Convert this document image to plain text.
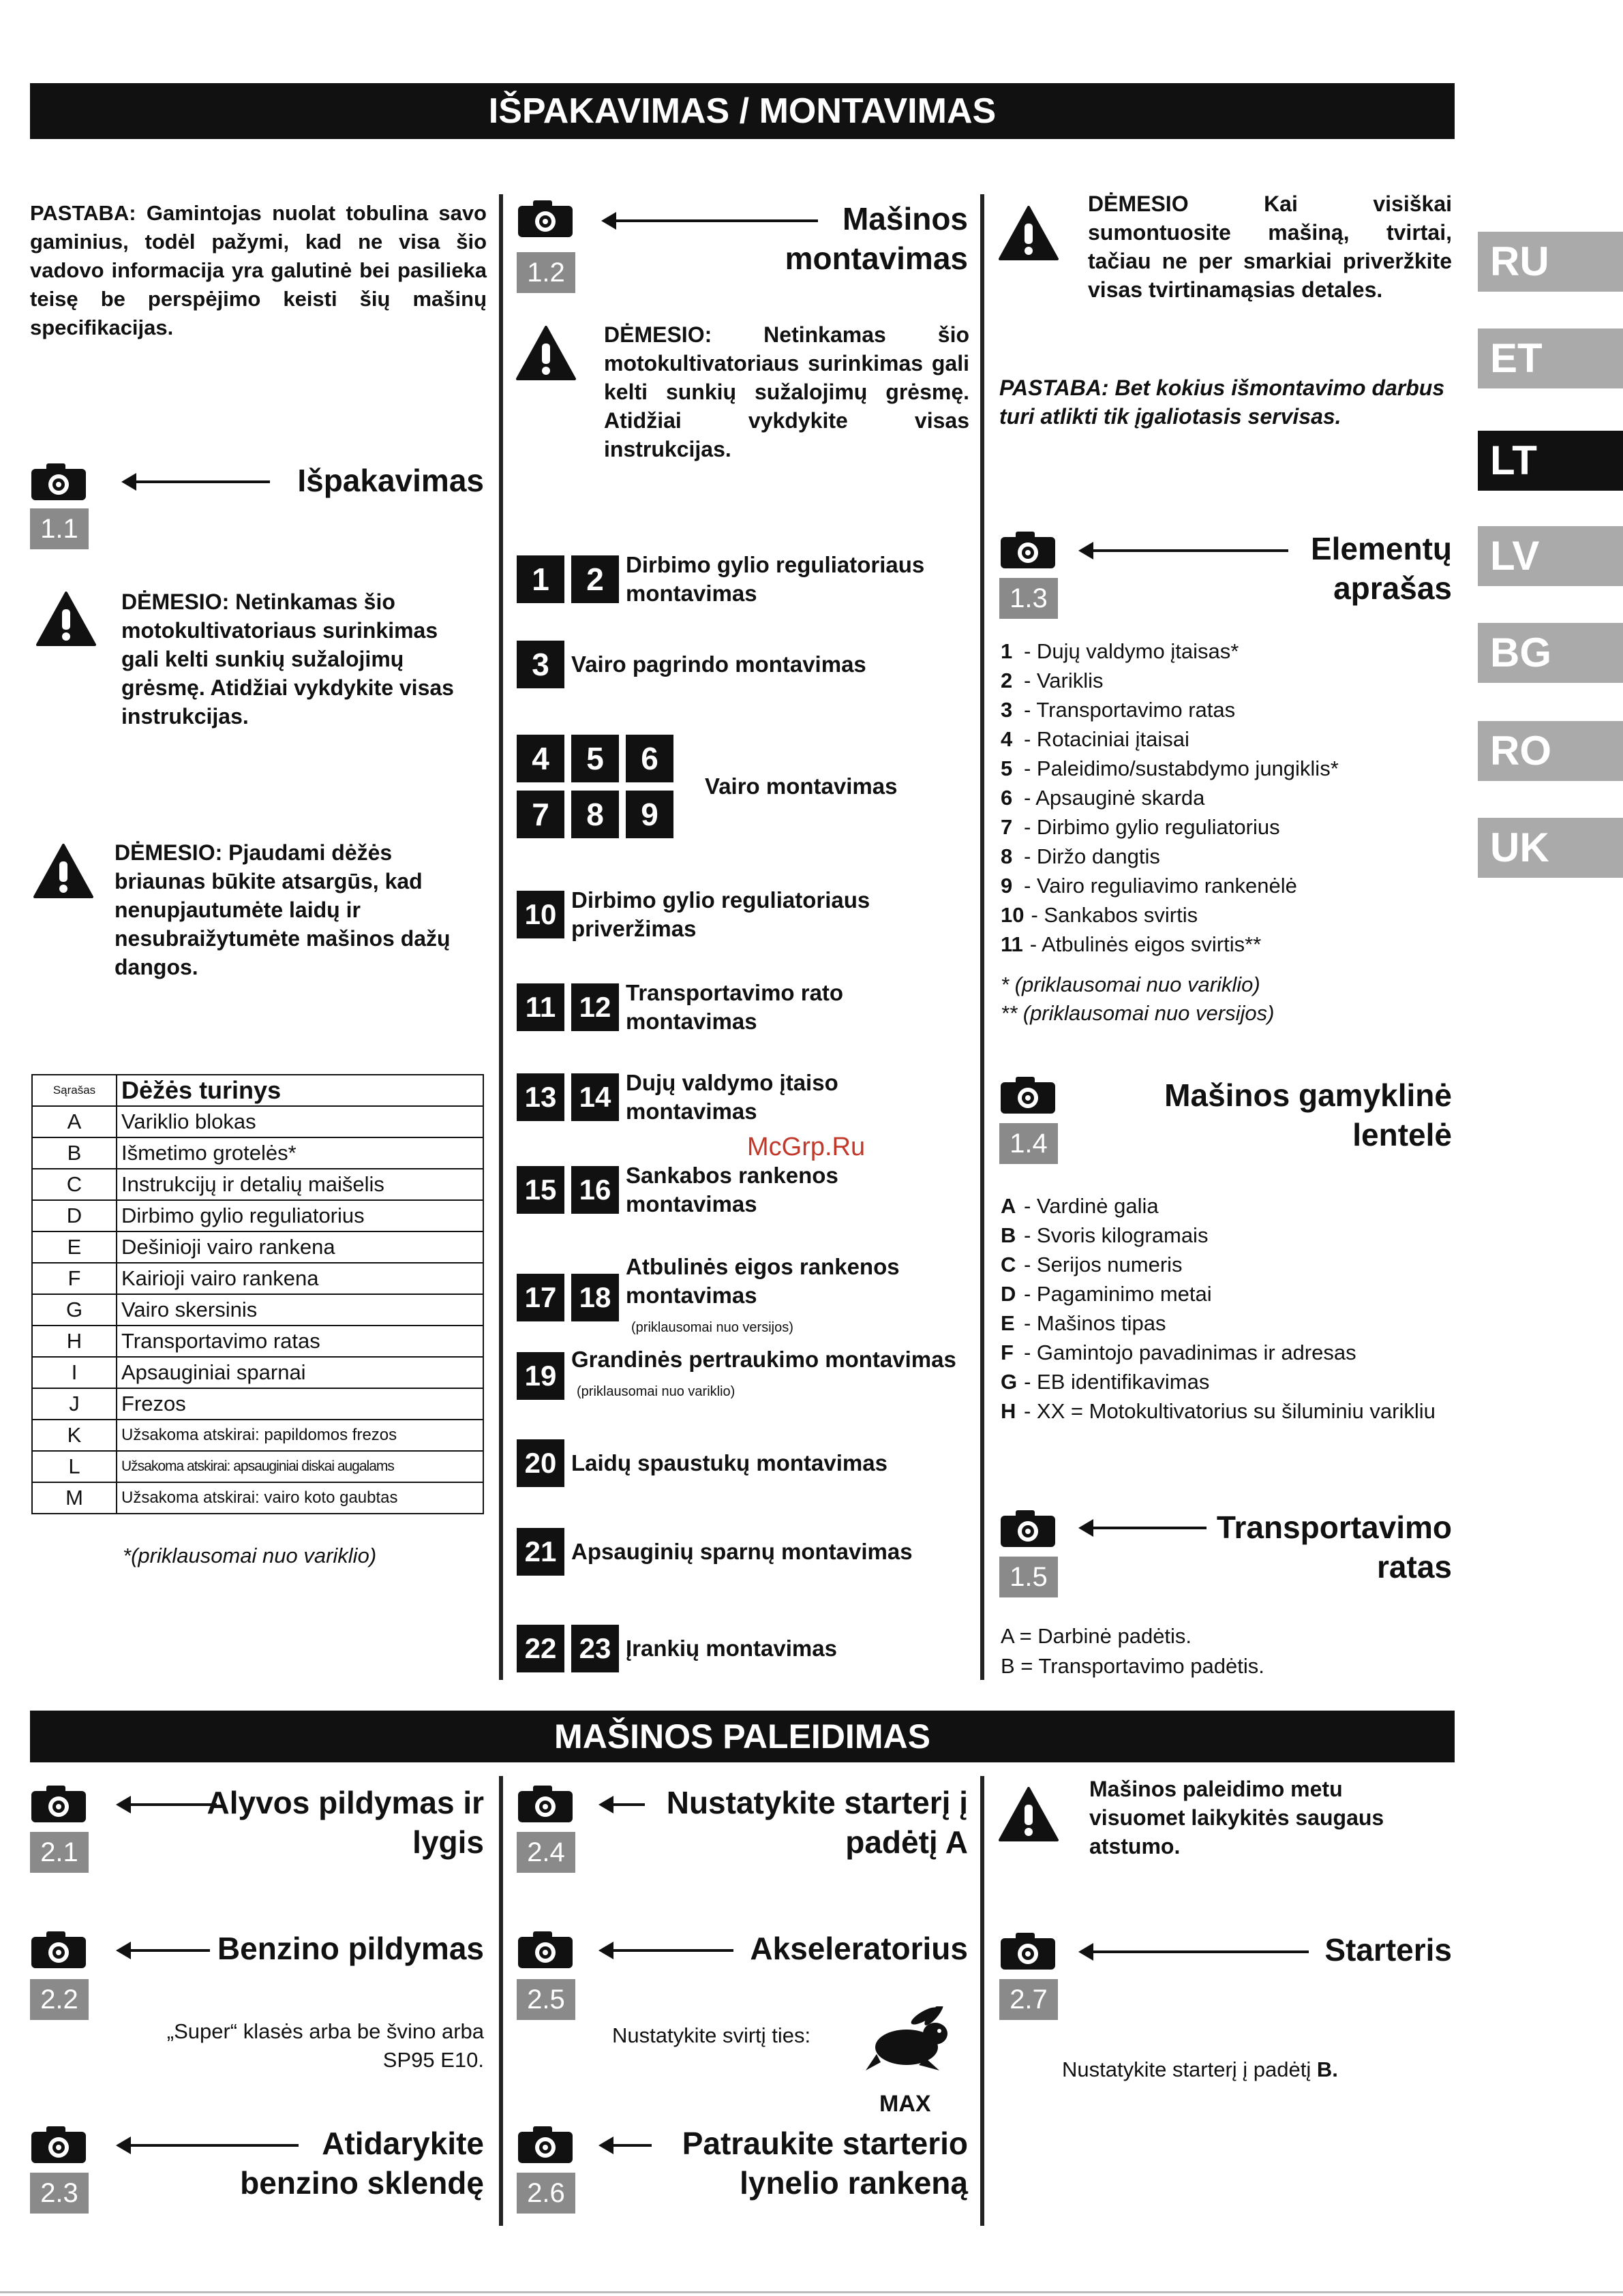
IŠPAKAVIMAS / MONTAVIMAS
RU
ET
LT
LV
BG
RO
UK
PASTABA: Gamintojas nuolat tobulina savo gaminius, todėl pažymi, kad ne visa šio vadovo informacija yra galutinė bei pasilieka teisę be perspėjimo keisti šių mašinų specifikacijas.
Išpakavimas
1.1
DĖMESIO: Netinkamas šio motokultivatoriaus surinkimas gali kelti sunkių sužalojimų grėsmę. Atidžiai vykdykite visas instrukcijas.
DĖMESIO: Pjaudami dėžės briaunas būkite atsargūs, kad nenupjautumėte laidų ir nesubraižytumėte mašinos dažų dangos.
Sąrašas	Dėžės turinys
A	Variklio blokas
B	Išmetimo grotelės*
C	Instrukcijų ir detalių maišelis
D	Dirbimo gylio reguliatorius
E	Dešinioji vairo rankena
F	Kairioji vairo rankena
G	Vairo skersinis
H	Transportavimo ratas
I	Apsauginiai sparnai
J	Frezos
K	Užsakoma atskirai: papildomos frezos
L	Užsakoma atskirai: apsauginiai diskai augalams
M	Užsakoma atskirai: vairo koto gaubtas
*(priklausomai nuo variklio)
Mašinos montavimas
1.2
DĖMESIO: Netinkamas šio motokultivatoriaus surinkimas gali kelti sunkių sužalojimų grėsmę. Atidžiai vykdykite visas instrukcijas.
1	2 Dirbimo gylio reguliatoriaus montavimas
3 Vairo pagrindo montavimas
4	5	6
7	8	9
Vairo montavimas
10 Dirbimo gylio reguliatoriaus priveržimas
11 12 Transportavimo rato montavimas
13 14 Dujų valdymo įtaiso montavimas
15 16 Sankabos rankenos montavimas
17 18
Atbulinės eigos rankenos montavimas
(priklausomai nuo versijos)
19 Grandinės pertraukimo montavimas
(priklausomai nuo variklio)
20 Laidų spaustukų montavimas
21 Apsauginių sparnų montavimas
22 23 Įrankių montavimas
DĖMESIO Kai visiškai sumontuosite mašiną, tvirtai, tačiau ne per smarkiai priveržkite visas tvirtinamąsias detales.
PASTABA: Bet kokius išmontavimo darbus turi atlikti tik įgaliotasis servisas.
Elementų aprašas
1.3
1 - Dujų valdymo įtaisas*
2 - Variklis
3 - Transportavimo ratas
4 - Rotaciniai įtaisai
5 - Paleidimo/sustabdymo jungiklis*
6 - Apsauginė skarda
7 - Dirbimo gylio reguliatorius
8 - Diržo dangtis
9 - Vairo reguliavimo rankenėlė
10 - Sankabos svirtis
11 - Atbulinės eigos svirtis**
* (priklausomai nuo variklio)
** (priklausomai nuo versijos)
Mašinos gamyklinė lentelė
1.4
A - Vardinė galia
B - Svoris kilogramais
C - Serijos numeris
D - Pagaminimo metai
E - Mašinos tipas
F - Gamintojo pavadinimas ir adresas
G - EB identifikavimas
H - XX = Motokultivatorius su šiluminiu varikliu
Transportavimo ratas
1.5
A = Darbinė padėtis.
B = Transportavimo padėtis.
McGrp.Ru
MAŠINOS PALEIDIMAS
Alyvos pildymas ir lygis
2.1
Benzino pildymas
2.2
„Super“ klasės arba be švino arba SP95 E10.
Atidarykite benzino sklendę
2.3
Nustatykite starterį į padėtį A
2.4
Akseleratorius
2.5
Nustatykite svirtį ties:
MAX
Patraukite starterio lynelio rankeną
2.6
Mašinos paleidimo metu visuomet laikykitės saugaus atstumo.
Starteris
2.7
Nustatykite starterį į padėtį B.
